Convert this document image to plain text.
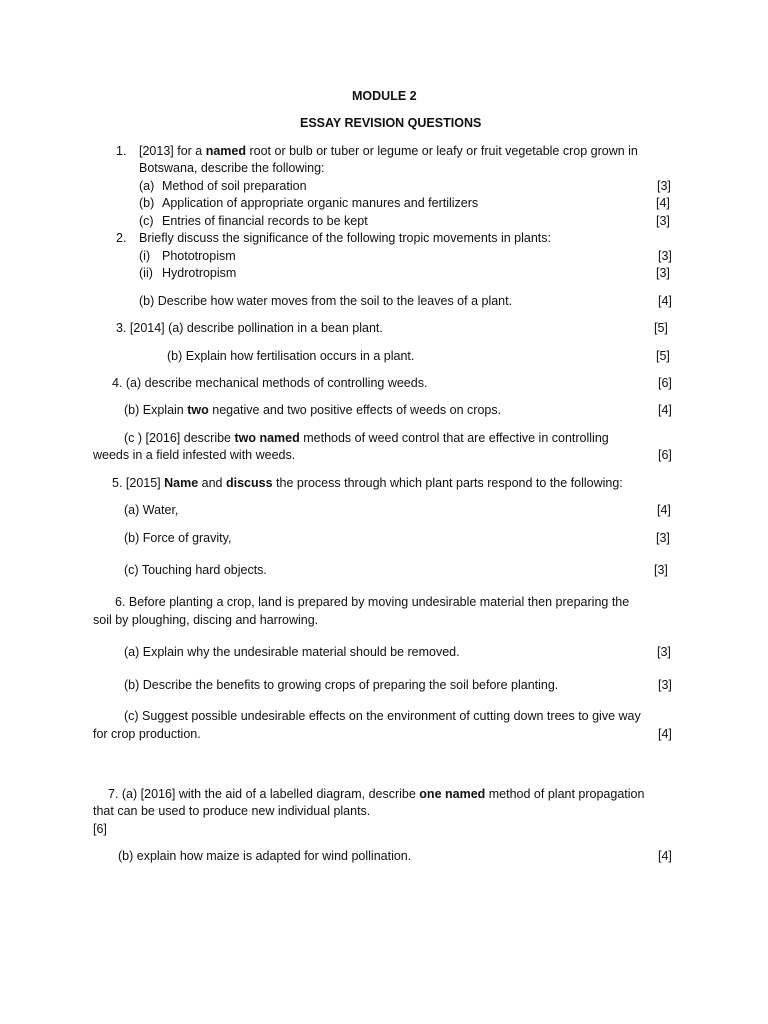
MODULE 2
ESSAY REVISION QUESTIONS
1. [2013] for a named root or bulb or tuber or legume or leafy or fruit vegetable crop grown in
Botswana, describe the following:
(a) Method of soil preparation	[3]
(b) Application of appropriate organic manures and fertilizers	[4]
(c) Entries of financial records to be kept	[3]
2. Briefly discuss the significance of the following tropic movements in plants:
(i) Phototropism	[3]
(ii) Hydrotropism	[3]
(b) Describe how water moves from the soil to the leaves of a plant.	[4]
3. [2014] (a) describe pollination in a bean plant.	[5]
(b) Explain how fertilisation occurs in a plant.	[5]
4. (a) describe mechanical methods of controlling weeds.	[6]
(b) Explain two negative and two positive effects of weeds on crops.	[4]
(c ) [2016] describe two named methods of weed control that are effective in controlling
weeds in a field infested with weeds.	[6]
5. [2015] Name and discuss the process through which plant parts respond to the following:
(a) Water,	[4]
(b) Force of gravity,	[3]
(c) Touching hard objects.	[3]
6. Before planting a crop, land is prepared by moving undesirable material then preparing the
soil by ploughing, discing and harrowing.
(a) Explain why the undesirable material should be removed.	[3]
(b) Describe the benefits to growing crops of preparing the soil before planting.	[3]
(c) Suggest possible undesirable effects on the environment of cutting down trees to give way
for crop production.	[4]
7. (a) [2016] with the aid of a labelled diagram, describe one named method of plant propagation
that can be used to produce new individual plants.
[6]
(b) explain how maize is adapted for wind pollination.	[4]
